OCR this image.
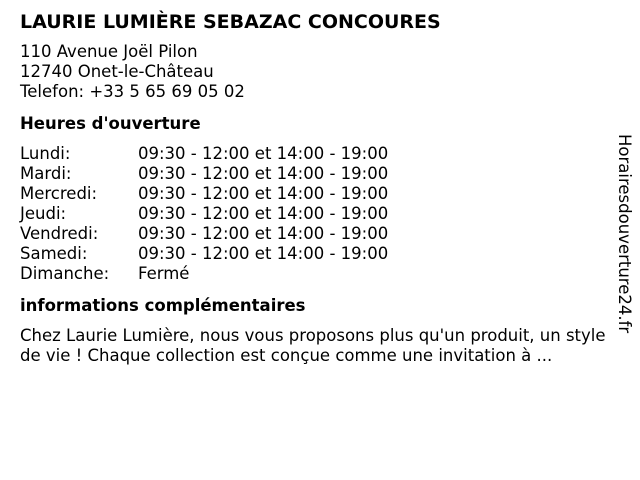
LAURIE LUMIÈRE SEBAZAC CONCOURES
110 Avenue Joël Pilon
12740 Onet-le-Château
Telefon: +33 5 65 69 05 02
Heures d'ouverture
Lundi:	09:30 - 12:00 et 14:00 - 19:00
Mardi:	09:30 - 12:00 et 14:00 - 19:00
Mercredi:	09:30 - 12:00 et 14:00 - 19:00
Jeudi:	09:30 - 12:00 et 14:00 - 19:00
Vendredi:	09:30 - 12:00 et 14:00 - 19:00
Samedi:	09:30 - 12:00 et 14:00 - 19:00
Dimanche:	Fermé
informations complémentaires
Chez Laurie Lumière, nous vous proposons plus qu'un produit, un style de vie ! Chaque collection est conçue comme une invitation à ...
Horairesdouverture24.fr
